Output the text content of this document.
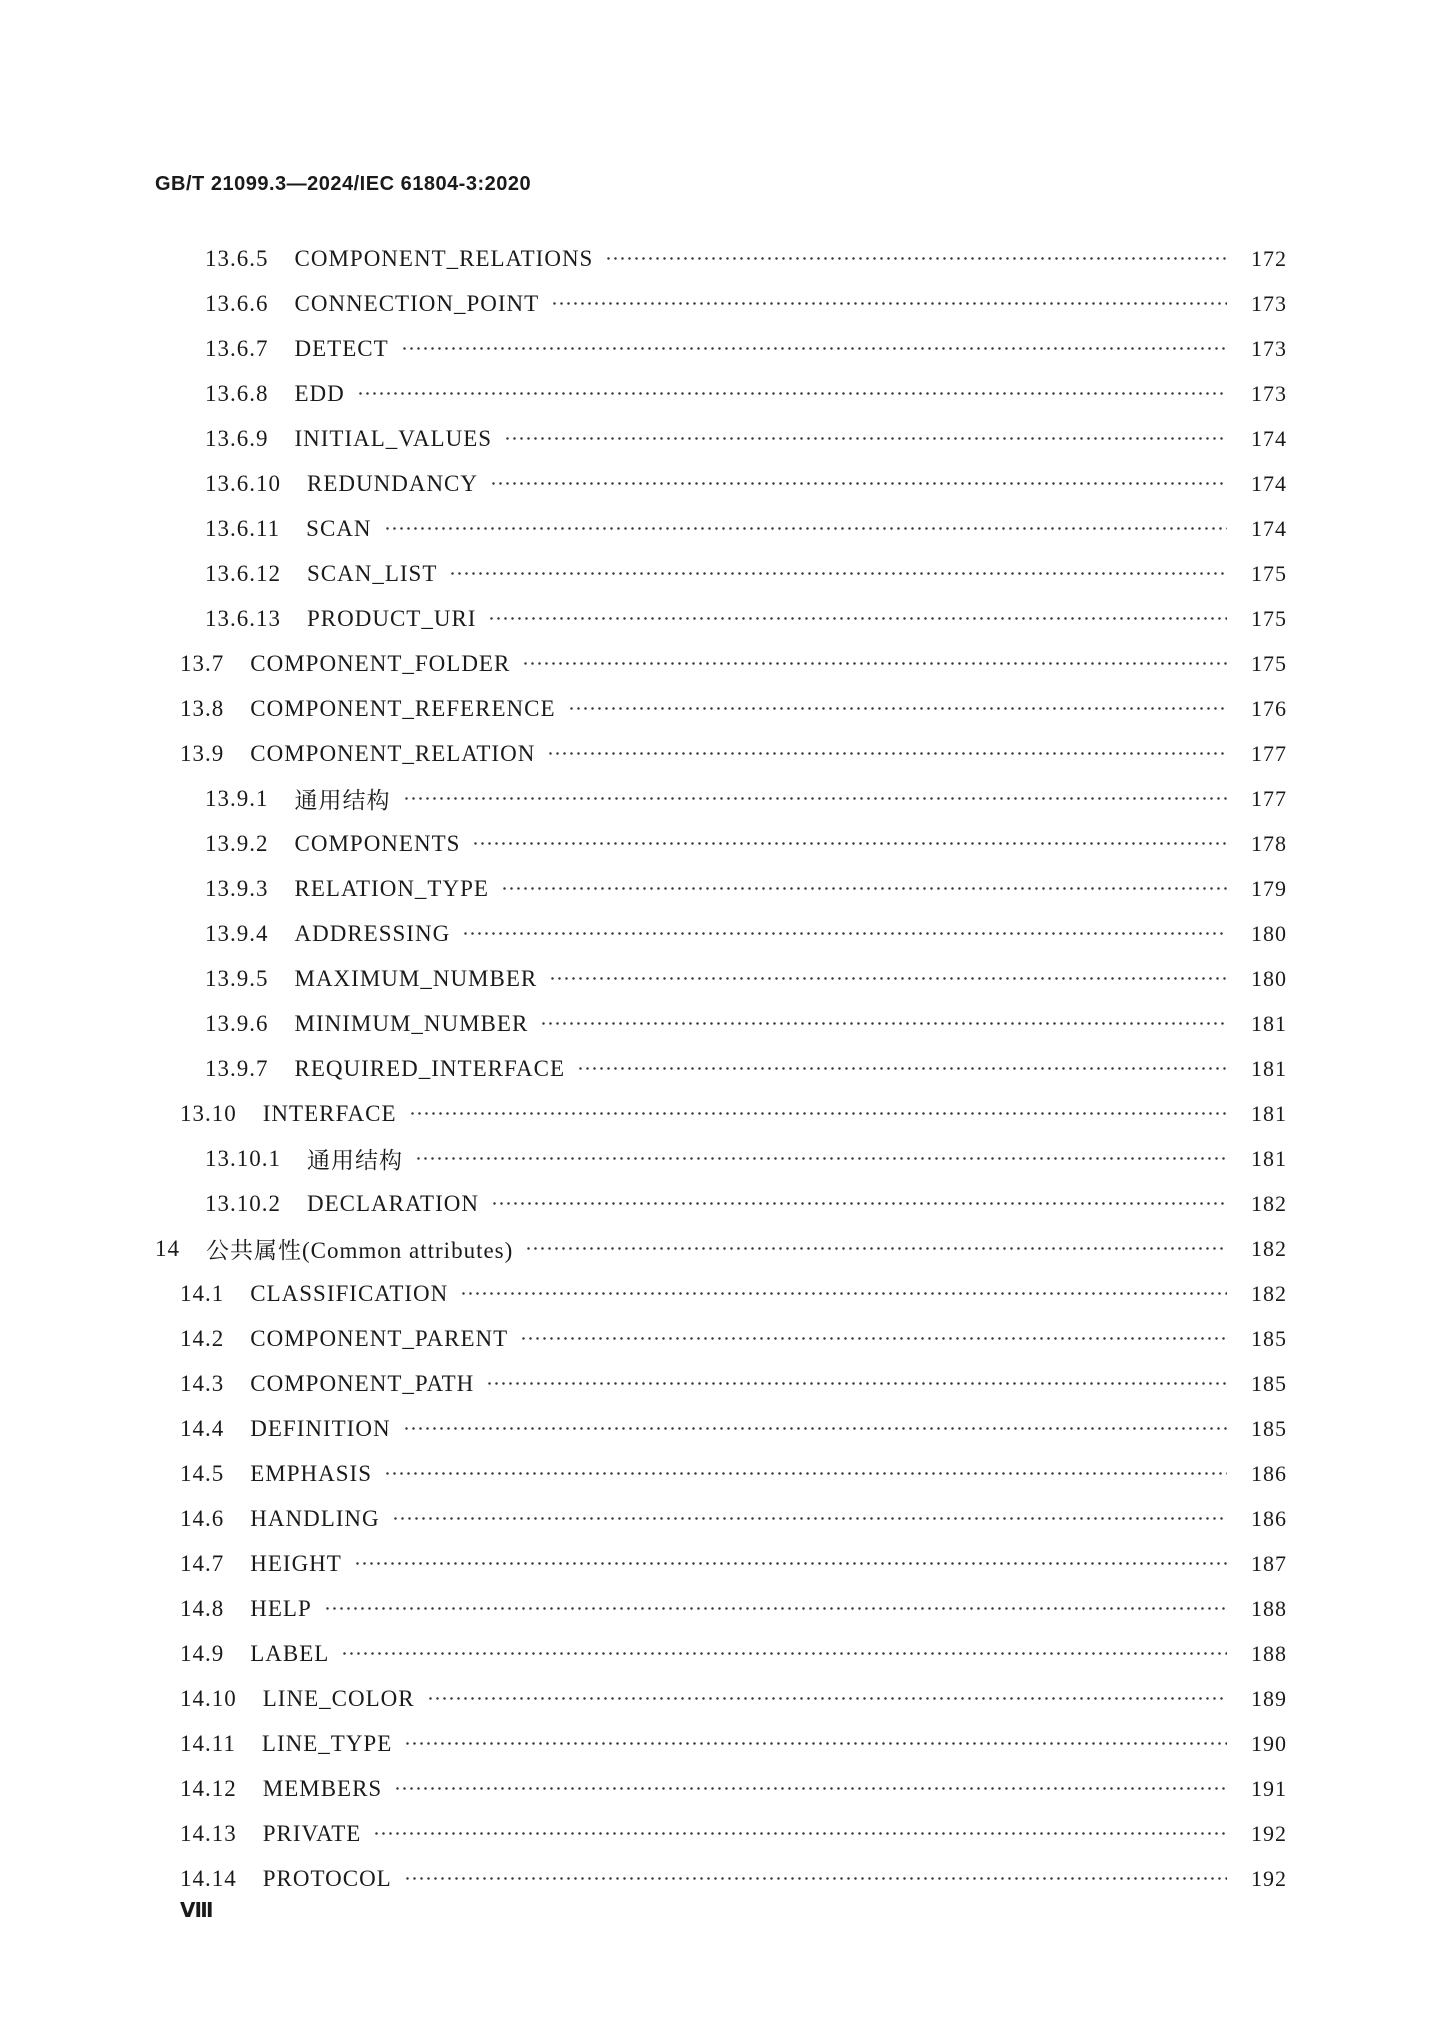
GB/T 21099.3—2024/IEC 61804-3:2020
13.6.5 COMPONENT_RELATIONS	172
13.6.6 CONNECTION_POINT	173
13.6.7 DETECT	173
13.6.8 EDD	173
13.6.9 INITIAL_VALUES	174
13.6.10 REDUNDANCY	174
13.6.11 SCAN	174
13.6.12 SCAN_LIST	175
13.6.13 PRODUCT_URI	175
13.7 COMPONENT_FOLDER	175
13.8 COMPONENT_REFERENCE	176
13.9 COMPONENT_RELATION	177
13.9.1 通用结构	177
13.9.2 COMPONENTS	178
13.9.3 RELATION_TYPE	179
13.9.4 ADDRESSING	180
13.9.5 MAXIMUM_NUMBER	180
13.9.6 MINIMUM_NUMBER	181
13.9.7 REQUIRED_INTERFACE	181
13.10 INTERFACE	181
13.10.1 通用结构	181
13.10.2 DECLARATION	182
14 公共属性(Common attributes)	182
14.1 CLASSIFICATION	182
14.2 COMPONENT_PARENT	185
14.3 COMPONENT_PATH	185
14.4 DEFINITION	185
14.5 EMPHASIS	186
14.6 HANDLING	186
14.7 HEIGHT	187
14.8 HELP	188
14.9 LABEL	188
14.10 LINE_COLOR	189
14.11 LINE_TYPE	190
14.12 MEMBERS	191
14.13 PRIVATE	192
14.14 PROTOCOL	192
Ⅷ
